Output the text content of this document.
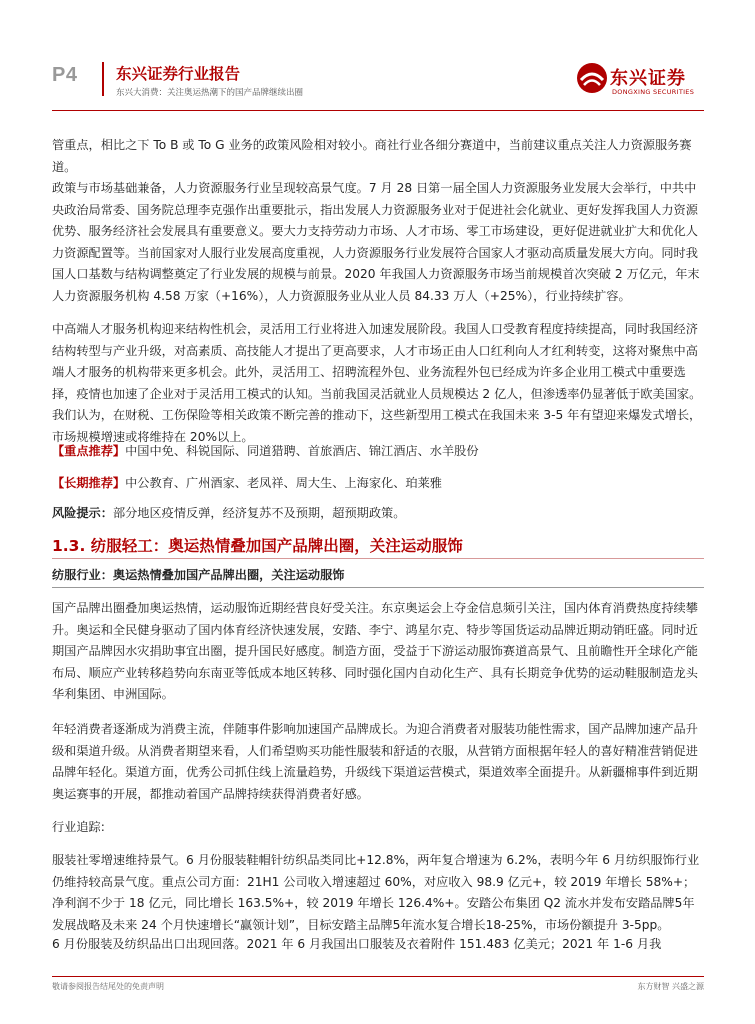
P4 东兴证券行业报告
东兴大消费：关注奥运热潮下的国产品牌继续出圈
东兴证券
DONGXING SECURITIES

管重点，相比之下 To B 或 To G 业务的政策风险相对较小。商社行业各细分赛道中，当前建议重点关注人力资源服务赛道。

政策与市场基础兼备，人力资源服务行业呈现较高景气度。7 月 28 日第一届全国人力资源服务业发展大会举行，中共中央政治局常委、国务院总理李克强作出重要批示，指出发展人力资源服务业对于促进社会化就业、更好发挥我国人力资源优势、服务经济社会发展具有重要意义。要大力支持劳动力市场、人才市场、零工市场建设，更好促进就业扩大和优化人力资源配置等。当前国家对人服行业发展高度重视，人力资源服务行业发展符合国家人才驱动高质量发展大方向。同时我国人口基数与结构调整奠定了行业发展的规模与前景。2020 年我国人力资源服务市场当前规模首次突破 2 万亿元，年末人力资源服务机构 4.58 万家（+16%），人力资源服务业从业人员 84.33 万人（+25%），行业持续扩容。

中高端人才服务机构迎来结构性机会，灵活用工行业将进入加速发展阶段。我国人口受教育程度持续提高，同时我国经济结构转型与产业升级，对高素质、高技能人才提出了更高要求，人才市场正由人口红利向人才红利转变，这将对聚焦中高端人才服务的机构带来更多机会。此外，灵活用工、招聘流程外包、业务流程外包已经成为许多企业用工模式中重要选择，疫情也加速了企业对于灵活用工模式的认知。当前我国灵活就业人员规模达 2 亿人，但渗透率仍显著低于欧美国家。我们认为，在财税、工伤保险等相关政策不断完善的推动下，这些新型用工模式在我国未来 3-5 年有望迎来爆发式增长，市场规模增速或将维持在 20%以上。

【重点推荐】中国中免、科锐国际、同道猎聘、首旅酒店、锦江酒店、水羊股份

【长期推荐】中公教育、广州酒家、老凤祥、周大生、上海家化、珀莱雅

风险提示：部分地区疫情反弹，经济复苏不及预期，超预期政策。

1.3. 纺服轻工：奥运热情叠加国产品牌出圈，关注运动服饰

纺服行业：奥运热情叠加国产品牌出圈，关注运动服饰

国产品牌出圈叠加奥运热情，运动服饰近期经营良好受关注。东京奥运会上夺金信息频引关注，国内体育消费热度持续攀升。奥运和全民健身驱动了国内体育经济快速发展，安踏、李宁、鸿星尔克、特步等国货运动品牌近期动销旺盛。同时近期国产品牌因水灾捐助事宜出圈，提升国民好感度。制造方面，受益于下游运动服饰赛道高景气、且前瞻性开全球化产能布局、顺应产业转移趋势向东南亚等低成本地区转移、同时强化国内自动化生产、具有长期竞争优势的运动鞋服制造龙头华利集团、申洲国际。

年轻消费者逐渐成为消费主流，伴随事件影响加速国产品牌成长。为迎合消费者对服装功能性需求，国产品牌加速产品升级和渠道升级。从消费者期望来看，人们希望购买功能性服装和舒适的衣服，从营销方面根据年轻人的喜好精准营销促进品牌年轻化。渠道方面，优秀公司抓住线上流量趋势，升级线下渠道运营模式，渠道效率全面提升。从新疆棉事件到近期奥运赛事的开展，都推动着国产品牌持续获得消费者好感。

行业追踪:

服装社零增速维持景气。6 月份服装鞋帽针纺织品类同比+12.8%，两年复合增速为 6.2%，表明今年 6 月纺织服饰行业仍维持较高景气度。重点公司方面：21H1 公司收入增速超过 60%，对应收入 98.9 亿元+，较 2019 年增长 58%+；净利润不少于 18 亿元，同比增长 163.5%+，较 2019 年增长 126.4%+。安踏公布集团 Q2 流水并发布安踏品牌5年发展战略及未来 24 个月快速增长“赢领计划”，目标安踏主品牌5年流水复合增长18-25%，市场份额提升 3-5pp。

6 月份服装及纺织品出口出现回落。2021 年 6 月我国出口服装及衣着附件 151.483 亿美元；2021 年 1-6 月我

敬请参阅报告结尾处的免责声明	东方财智 兴盛之源
